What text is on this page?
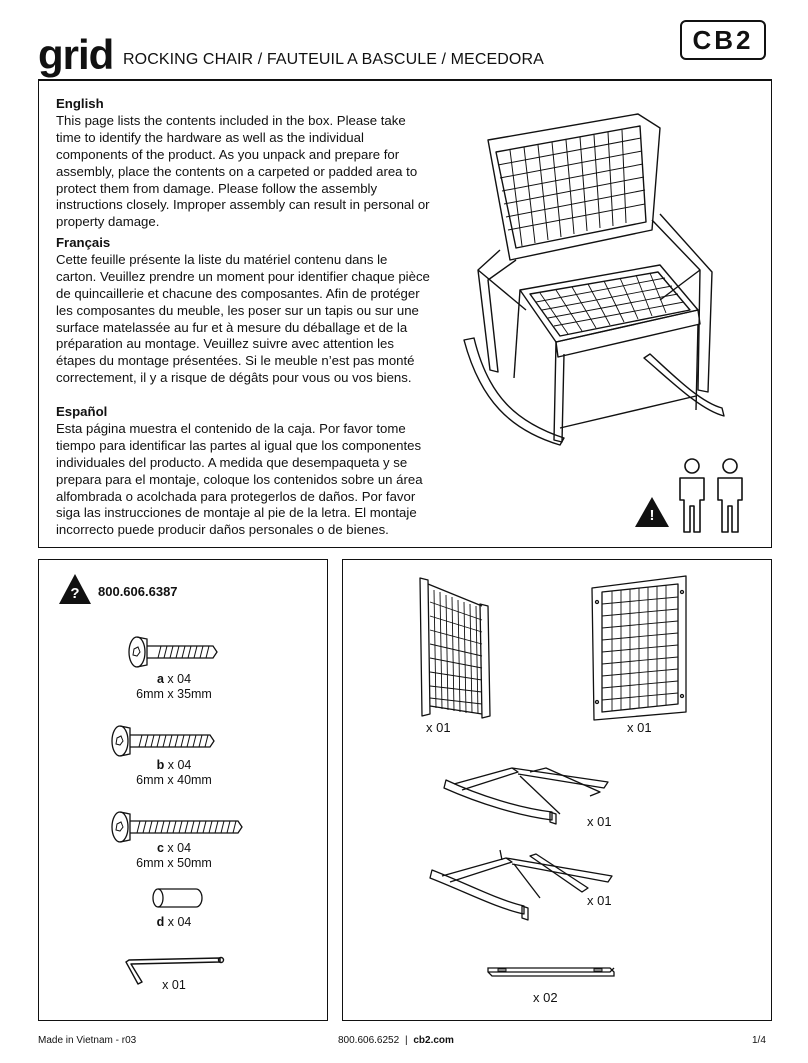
grid ROCKING CHAIR / FAUTEUIL A BASCULE / MECEDORA
CB2
English
This page lists the contents included in the box. Please take time to identify the hardware as well as the individual components of the product. As you unpack and prepare for assembly, place the contents on a carpeted or padded area to protect them from damage. Please follow the assembly instructions closely. Improper assembly can result in personal or property damage.
Français
Cette feuille présente la liste du matériel contenu dans le carton. Veuillez prendre un moment pour identifier chaque pièce de quincaillerie et chacune des composantes. Afin de protéger les composantes du meuble, les poser sur un tapis ou sur une surface matelassée au fur et à mesure du déballage et de la préparation au montage. Veuillez suivre avec attention les étapes du montage présentées. Si le meuble n’est pas monté correctement, il y a risque de dégâts pour vous ou vos biens.
Español
Esta página muestra el contenido de la caja. Por favor tome tiempo para identificar las partes al igual que los componentes individuales del producto. A medida que desempaqueta y se prepara para el montaje, coloque los contenidos sobre un área alfombrada o acolchada para protegerlos de daños. Por favor siga las instrucciones de montaje al pie de la letra. El montaje incorrecto puede producir daños personales o de bienes.
!
?	800.606.6387
a x 04
6mm x 35mm
b x 04
6mm x 40mm
c x 04
6mm x 50mm
d x 04
x 01
x 01	x 01
x 01
x 01
x 02
Made in Vietnam - r03	800.606.6252 | cb2.com	1/4
